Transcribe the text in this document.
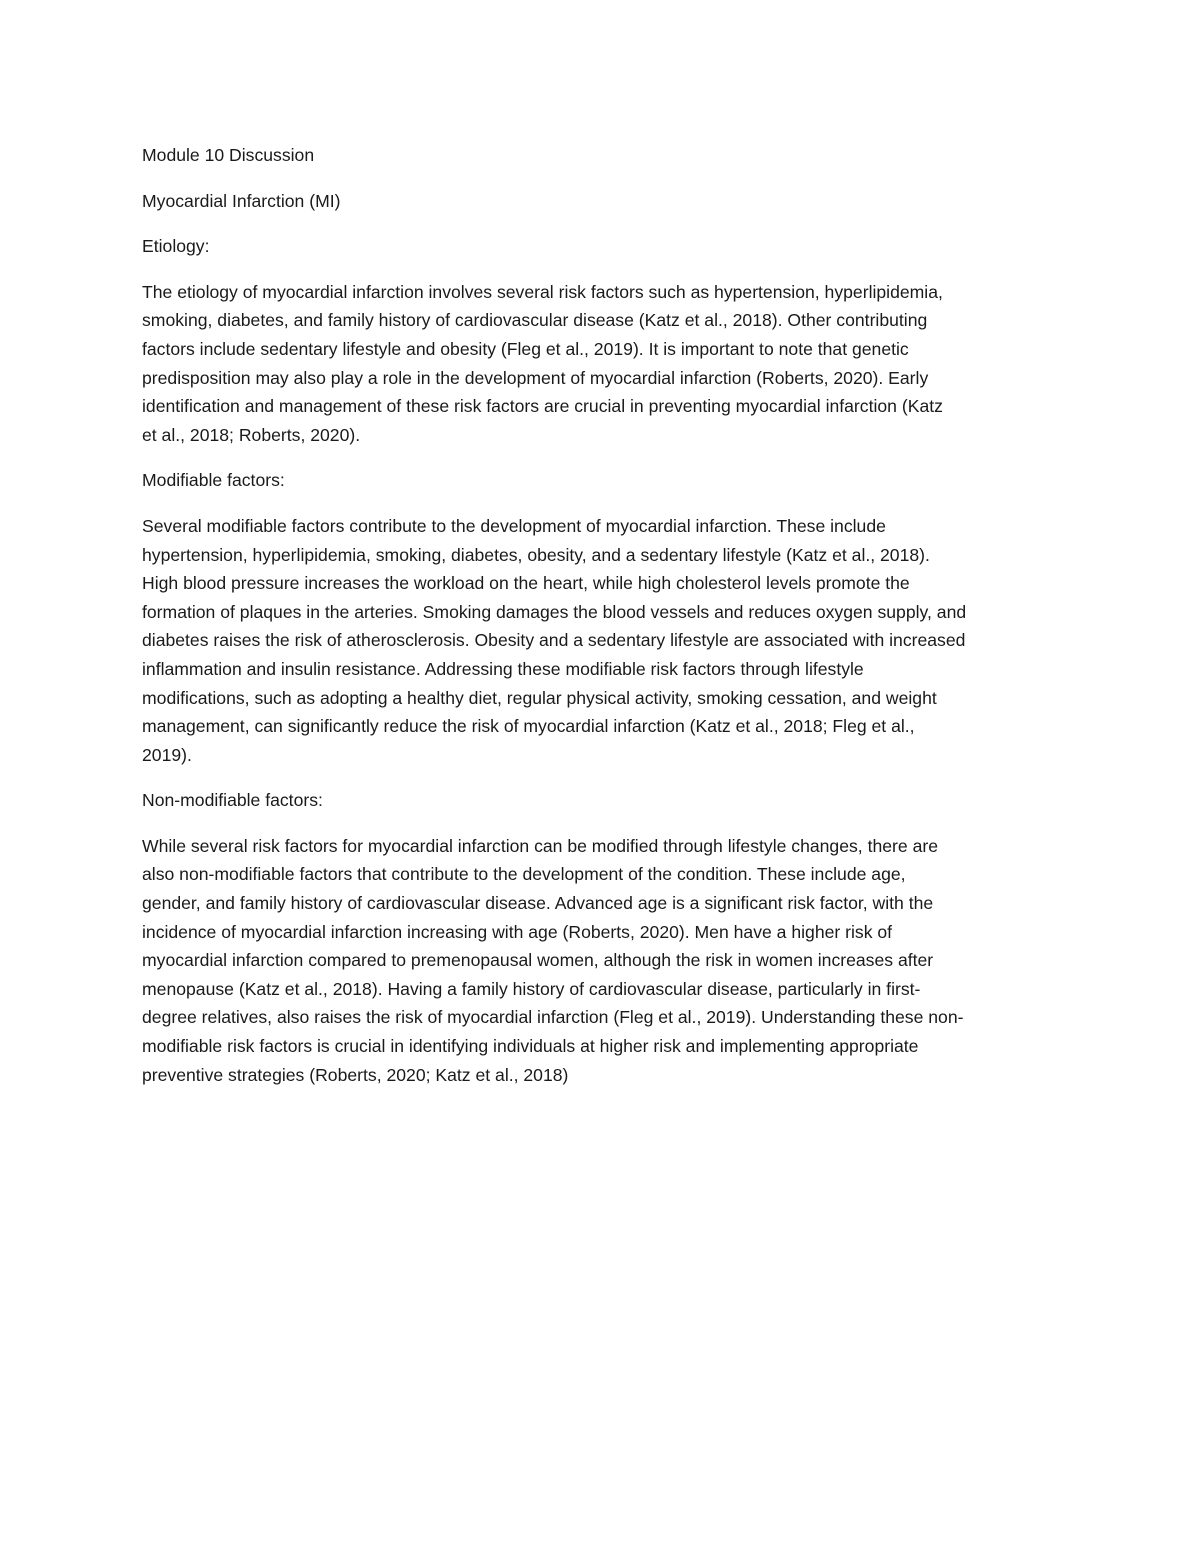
Module 10 Discussion
Myocardial Infarction (MI)
Etiology:
The etiology of myocardial infarction involves several risk factors such as hypertension, hyperlipidemia,
smoking, diabetes, and family history of cardiovascular disease (Katz et al., 2018). Other contributing
factors include sedentary lifestyle and obesity (Fleg et al., 2019). It is important to note that genetic
predisposition may also play a role in the development of myocardial infarction (Roberts, 2020). Early
identification and management of these risk factors are crucial in preventing myocardial infarction (Katz
et al., 2018; Roberts, 2020).
Modifiable factors:
Several modifiable factors contribute to the development of myocardial infarction. These include
hypertension, hyperlipidemia, smoking, diabetes, obesity, and a sedentary lifestyle (Katz et al., 2018).
High blood pressure increases the workload on the heart, while high cholesterol levels promote the
formation of plaques in the arteries. Smoking damages the blood vessels and reduces oxygen supply, and
diabetes raises the risk of atherosclerosis. Obesity and a sedentary lifestyle are associated with increased
inflammation and insulin resistance. Addressing these modifiable risk factors through lifestyle
modifications, such as adopting a healthy diet, regular physical activity, smoking cessation, and weight
management, can significantly reduce the risk of myocardial infarction (Katz et al., 2018; Fleg et al.,
2019).
Non-modifiable factors:
While several risk factors for myocardial infarction can be modified through lifestyle changes, there are
also non-modifiable factors that contribute to the development of the condition. These include age,
gender, and family history of cardiovascular disease. Advanced age is a significant risk factor, with the
incidence of myocardial infarction increasing with age (Roberts, 2020). Men have a higher risk of
myocardial infarction compared to premenopausal women, although the risk in women increases after
menopause (Katz et al., 2018). Having a family history of cardiovascular disease, particularly in first-
degree relatives, also raises the risk of myocardial infarction (Fleg et al., 2019). Understanding these non-
modifiable risk factors is crucial in identifying individuals at higher risk and implementing appropriate
preventive strategies (Roberts, 2020; Katz et al., 2018)
